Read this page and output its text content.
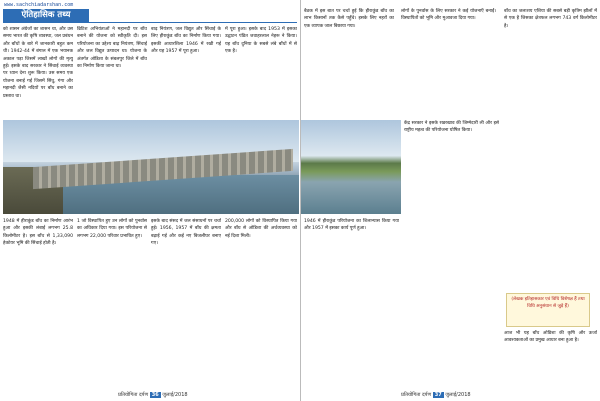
www.sachchiadarshan.com
ऐतिहासिक तथ्य
को शासन अंग्रेजों का शासन था, और उस समय भारत की कृषि व्यवस्था, जल प्रबंधन और बाँधों के बारे में जानकारी बहुत कम थी। 1942-44 में बंगाल में एक भयानक अकाल पड़ा जिसमें लाखों लोगों की मृत्यु हुई। इसके बाद सरकार ने सिंचाई व्यवस्था पर ध्यान देना शुरू किया। उस समय एक योजना बनाई गई जिसमें सिंधु, गंगा और महानदी जैसी नदियों पर बाँध बनाने का प्रस्ताव था।
ब्रिटिश अभियंताओं ने महानदी पर बाँध बनाने की योजना को स्वीकृति दी। इस परियोजना का उद्देश्य बाढ़ नियंत्रण, सिंचाई और जल विद्युत उत्पादन था। योजना के अंतर्गत ओडिशा के संबलपुर जिले में बाँध का निर्माण किया जाना था।
बाढ़ नियंत्रण, जल विद्युत और सिंचाई के लिए हीराकुंड बाँध का निर्माण किया गया। इसकी आधारशिला 1946 में रखी गई और यह 1957 में पूरा हुआ।
में पूरा हुआ। इसके बाद 1953 में इसका उद्घाटन पंडित जवाहरलाल नेहरू ने किया। यह बाँध दुनिया के सबसे लंबे बाँधों में से एक है।
1948 में हीराकुंड बाँध का निर्माण आरंभ हुआ और इसकी लंबाई लगभग 25.8 किलोमीटर है। इस बाँध से 1,33,090 हेक्टेयर भूमि की सिंचाई होती है।
1 जो विस्थापित हुए उन लोगों को पुनर्वास का अधिकार दिया गया। इस परियोजना से लगभग 22,000 परिवार प्रभावित हुए।
इसके बाद संसद में जल संसाधनों पर चर्चा हुई। 1956, 1957 में बाँध की क्षमता बढ़ाई गई और कई नए बिजलीघर बनाए गए।
200,000 लोगों को विस्थापित किया गया और बाँध से ओडिशा की अर्थव्यवस्था को नई दिशा मिली।
प्रतियोगिता दर्पण 36 जुलाई/2018
बैठक में इस बात पर चर्चा हुई कि हीराकुंड बाँध का लाभ किसानों तक कैसे पहुँचे। इसके लिए नहरों का एक व्यापक जाल बिछाया गया।
लोगों के पुनर्वास के लिए सरकार ने कई योजनाएँ बनाईं। विस्थापितों को भूमि और मुआवजा दिया गया।
बाँध का जलाशय एशिया की सबसे बड़ी कृत्रिम झीलों में से एक है जिसका क्षेत्रफल लगभग 743 वर्ग किलोमीटर है।
1946 में हीराकुंड परियोजना का शिलान्यास किया गया और 1957 में इसका कार्य पूर्ण हुआ।
केंद्र सरकार ने इसके रखरखाव की जिम्मेदारी ली और इसे राष्ट्रीय महत्व की परियोजना घोषित किया।
आज भी यह बाँध ओडिशा की कृषि और ऊर्जा आवश्यकताओं का प्रमुख आधार बना हुआ है।
(लेखक इतिहासकार एवं विधि विशेषज्ञ हैं तथा विधि अनुसंधान से जुड़े हैं)
प्रतियोगिता दर्पण 37 जुलाई/2018
